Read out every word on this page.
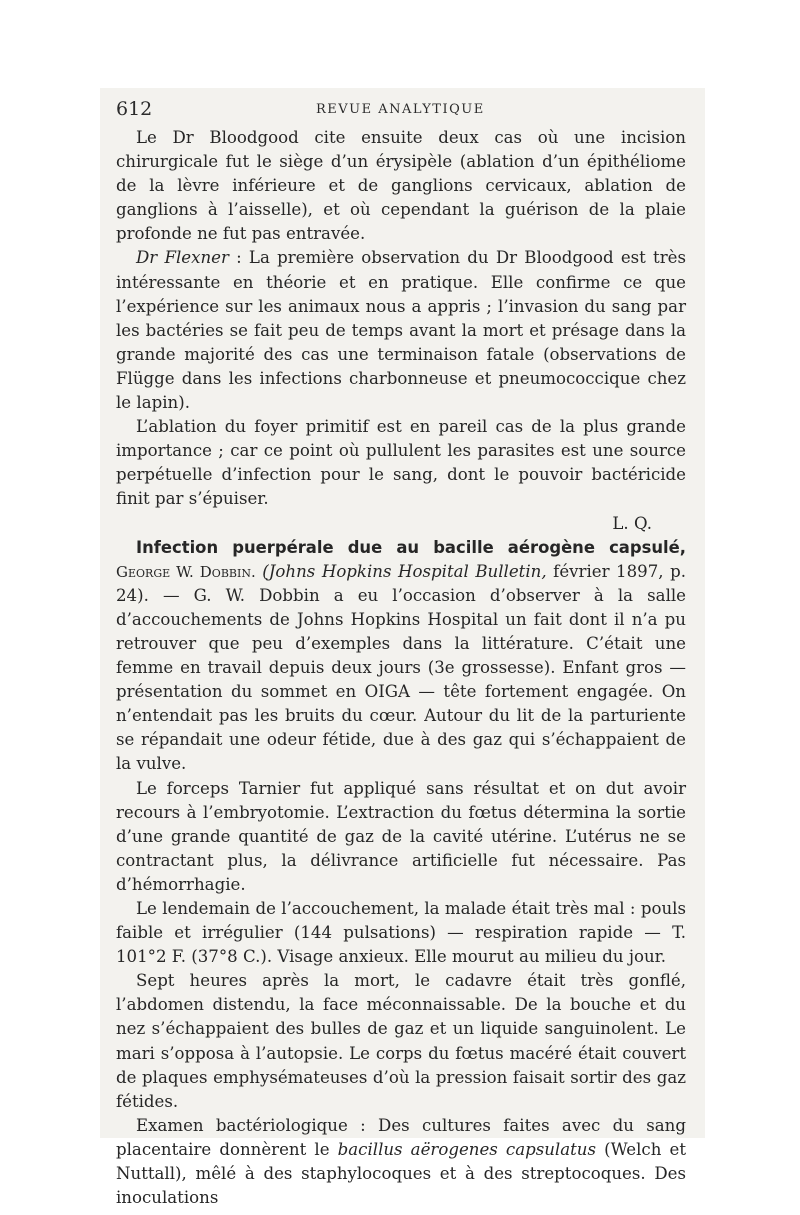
612	REVUE ANALYTIQUE

Le Dr Bloodgood cite ensuite deux cas où une incision chirurgicale fut le siège d’un érysipèle (ablation d’un épithéliome de la lèvre inférieure et de ganglions cervicaux, ablation de ganglions à l’aisselle), et où cependant la guérison de la plaie profonde ne fut pas entravée.

Dr Flexner : La première observation du Dr Bloodgood est très intéressante en théorie et en pratique. Elle confirme ce que l’expérience sur les animaux nous a appris ; l’invasion du sang par les bactéries se fait peu de temps avant la mort et présage dans la grande majorité des cas une terminaison fatale (observations de Flügge dans les infections charbonneuse et pneumococcique chez le lapin).

L’ablation du foyer primitif est en pareil cas de la plus grande importance ; car ce point où pullulent les parasites est une source perpétuelle d’infection pour le sang, dont le pouvoir bactéricide finit par s’épuiser.

L. Q.

Infection puerpérale due au bacille aérogène capsulé, George W. Dobbin. (Johns Hopkins Hospital Bulletin, février 1897, p. 24). — G. W. Dobbin a eu l’occasion d’observer à la salle d’accouchements de Johns Hopkins Hospital un fait dont il n’a pu retrouver que peu d’exemples dans la littérature. C’était une femme en travail depuis deux jours (3e grossesse). Enfant gros — présentation du sommet en OIGA — tête fortement engagée. On n’entendait pas les bruits du cœur. Autour du lit de la parturiente se répandait une odeur fétide, due à des gaz qui s’échappaient de la vulve.

Le forceps Tarnier fut appliqué sans résultat et on dut avoir recours à l’embryotomie. L’extraction du fœtus détermina la sortie d’une grande quantité de gaz de la cavité utérine. L’utérus ne se contractant plus, la délivrance artificielle fut nécessaire. Pas d’hémorrhagie.

Le lendemain de l’accouchement, la malade était très mal : pouls faible et irrégulier (144 pulsations) — respiration rapide — T. 101°2 F. (37°8 C.). Visage anxieux. Elle mourut au milieu du jour.

Sept heures après la mort, le cadavre était très gonflé, l’abdomen distendu, la face méconnaissable. De la bouche et du nez s’échappaient des bulles de gaz et un liquide sanguinolent. Le mari s’opposa à l’autopsie. Le corps du fœtus macéré était couvert de plaques emphysémateuses d’où la pression faisait sortir des gaz fétides.

Examen bactériologique : Des cultures faites avec du sang placentaire donnèrent le bacillus aërogenes capsulatus (Welch et Nuttall), mêlé à des staphylocoques et à des streptocoques. Des inoculations
